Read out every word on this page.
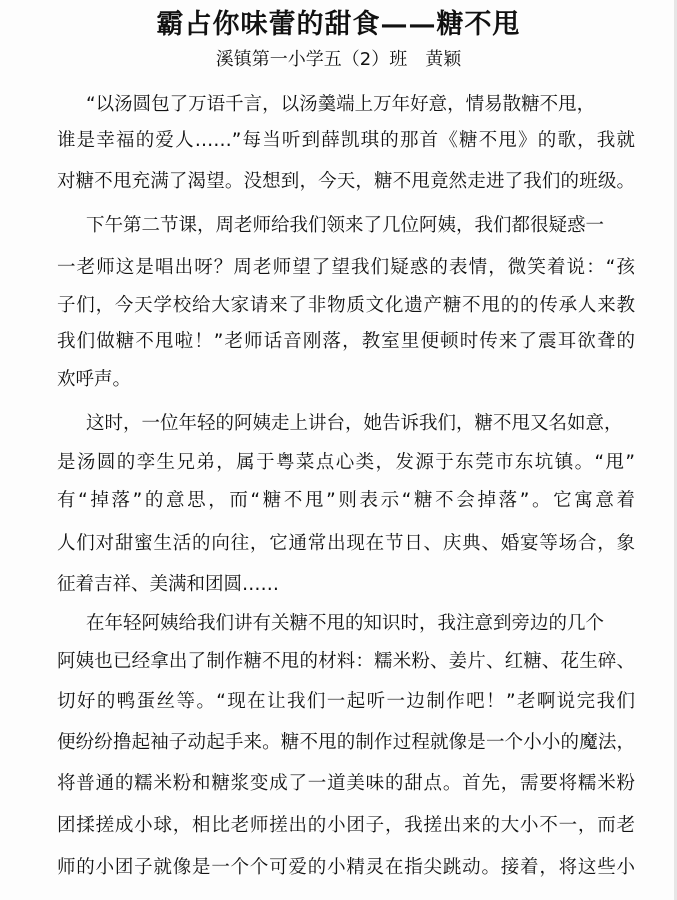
霸占你味蕾的甜食——糖不甩
溪镇第一小学五（2）班　黄颖
“以汤圆包了万语千言，以汤羹端上万年好意，情易散糖不甩，
谁是幸福的爱人……”每当听到薛凯琪的那首《糖不甩》的歌，我就
对糖不甩充满了渴望。没想到，今天，糖不甩竟然走进了我们的班级。
下午第二节课，周老师给我们领来了几位阿姨，我们都很疑惑一
一老师这是唱出呀？周老师望了望我们疑惑的表情，微笑着说：“孩
子们，今天学校给大家请来了非物质文化遗产糖不甩的的传承人来教
我们做糖不甩啦！”老师话音刚落，教室里便顿时传来了震耳欲聋的
欢呼声。
这时，一位年轻的阿姨走上讲台，她告诉我们，糖不甩又名如意，
是汤圆的孪生兄弟，属于粤菜点心类，发源于东莞市东坑镇。“甩”
有“掉落”的意思，而“糖不甩”则表示“糖不会掉落”。它寓意着
人们对甜蜜生活的向往，它通常出现在节日、庆典、婚宴等场合，象
征着吉祥、美满和团圆……
在年轻阿姨给我们讲有关糖不甩的知识时，我注意到旁边的几个
阿姨也已经拿出了制作糖不甩的材料：糯米粉、姜片、红糖、花生碎、
切好的鸭蛋丝等。“现在让我们一起听一边制作吧！”老啊说完我们
便纷纷撸起袖子动起手来。糖不甩的制作过程就像是一个小小的魔法，
将普通的糯米粉和糖浆变成了一道美味的甜点。首先，需要将糯米粉
团揉搓成小球，相比老师搓出的小团子，我搓出来的大小不一，而老
师的小团子就像是一个个可爱的小精灵在指尖跳动。接着，将这些小
